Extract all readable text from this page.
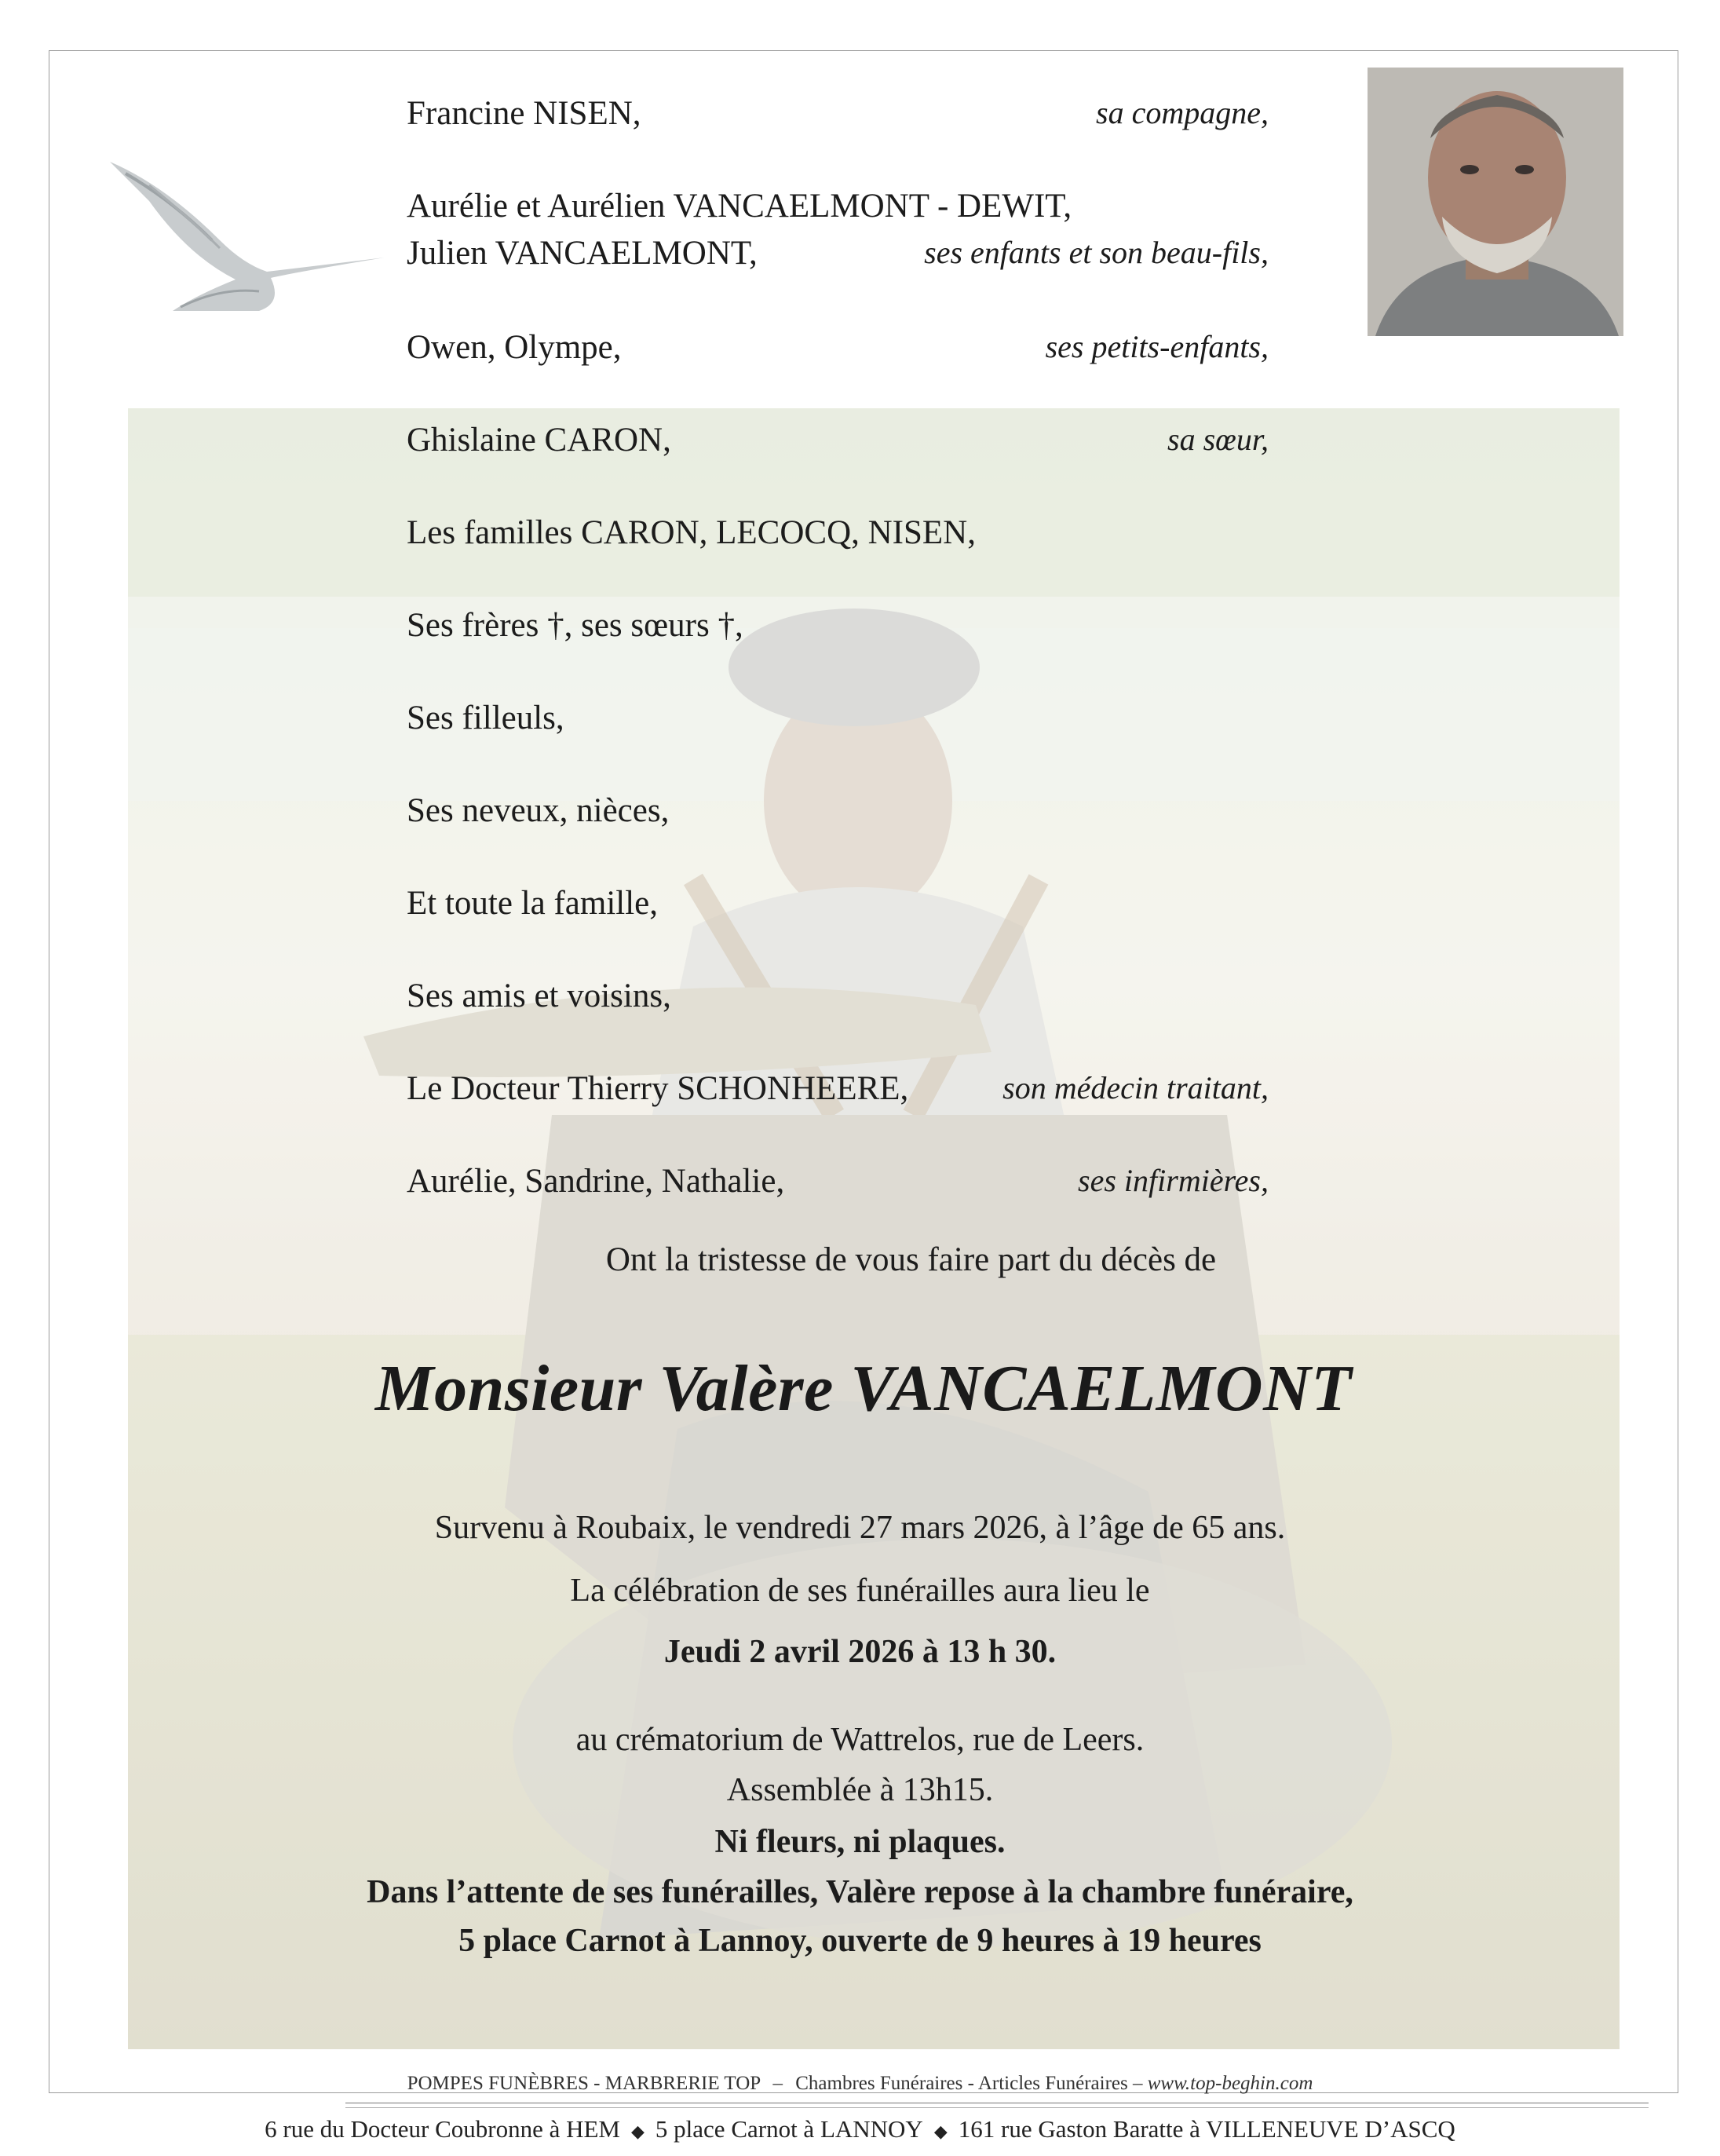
Francine NISEN,	sa compagne,
Aurélie et Aurélien VANCAELMONT - DEWIT,
Julien VANCAELMONT,	ses enfants et son beau-fils,
Owen, Olympe,	ses petits-enfants,
Ghislaine CARON,	sa sœur,
Les familles CARON, LECOCQ, NISEN,
Ses frères †, ses sœurs †,
Ses filleuls,
Ses neveux, nièces,
Et toute la famille,
Ses amis et voisins,
Le Docteur Thierry SCHONHEERE,	son médecin traitant,
Aurélie, Sandrine, Nathalie,	ses infirmières,
Ont la tristesse de vous faire part du décès de
Monsieur Valère VANCAELMONT
Survenu à Roubaix, le vendredi 27 mars 2026, à l’âge de 65 ans.
La célébration de ses funérailles aura lieu le
Jeudi 2 avril 2026 à 13 h 30.
au crématorium de Wattrelos, rue de Leers.
Assemblée à 13h15.
Ni fleurs, ni plaques.
Dans l’attente de ses funérailles, Valère repose à la chambre funéraire,
5 place Carnot à Lannoy, ouverte de 9 heures à 19 heures
POMPES FUNÈBRES - MARBRERIE TOP – Chambres Funéraires - Articles Funéraires – www.top-beghin.com
6 rue du Docteur Coubronne à HEM ◆ 5 place Carnot à LANNOY ◆ 161 rue Gaston Baratte à VILLENEUVE D’ASCQ
